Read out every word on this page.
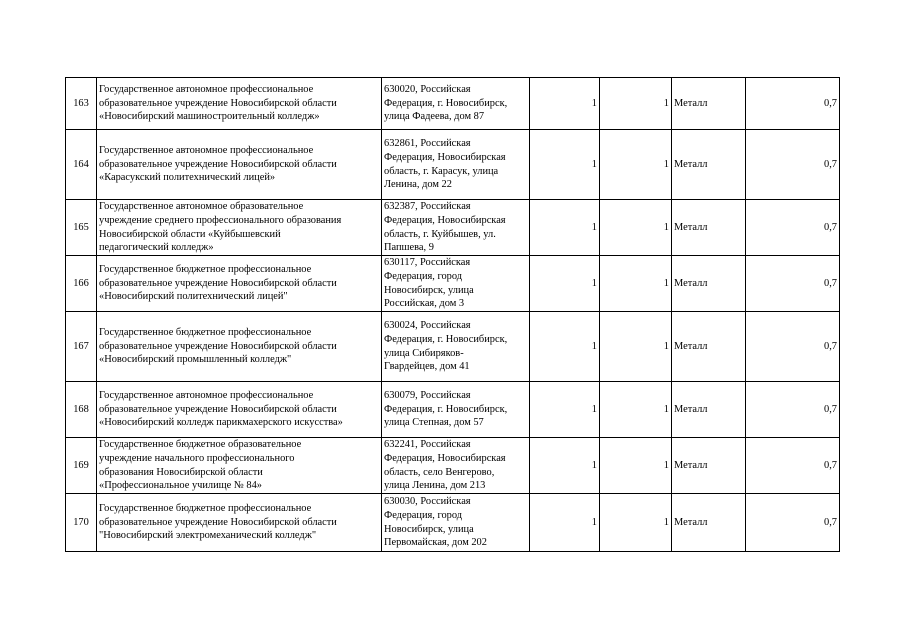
163	Государственное автономное профессиональное
образовательное учреждение Новосибирской области
«Новосибирский машиностроительный колледж»	630020, Российская
Федерация, г. Новосибирск,
улица Фадеева, дом 87	1	1	Металл	0,7
164	Государственное автономное профессиональное
образовательное учреждение Новосибирской области
«Карасукский политехнический лицей»	632861, Российская
Федерация, Новосибирская
область, г. Карасук, улица
Ленина, дом 22	1	1	Металл	0,7
165	Государственное автономное образовательное
учреждение среднего профессионального образования
Новосибирской области «Куйбышевский
педагогический колледж»	632387, Российская
Федерация, Новосибирская
область, г. Куйбышев, ул.
Папшева, 9	1	1	Металл	0,7
166	Государственное бюджетное профессиональное
образовательное учреждение Новосибирской области
«Новосибирский политехнический лицей"	630117, Российская
Федерация, город
Новосибирск, улица
Российская, дом 3	1	1	Металл	0,7
167	Государственное бюджетное профессиональное
образовательное учреждение Новосибирской области
«Новосибирский промышленный колледж"	630024, Российская
Федерация, г. Новосибирск,
улица Сибиряков-
Гвардейцев, дом 41	1	1	Металл	0,7
168	Государственное автономное профессиональное
образовательное учреждение Новосибирской области
«Новосибирский колледж парикмахерского искусства»	630079, Российская
Федерация, г. Новосибирск,
улица Степная, дом 57	1	1	Металл	0,7
169	Государственное бюджетное образовательное
учреждение начального профессионального
образования Новосибирской области
«Профессиональное училище № 84»	632241, Российская
Федерация, Новосибирская
область, село Венгерово,
улица Ленина, дом 213	1	1	Металл	0,7
170	Государственное бюджетное профессиональное
образовательное учреждение Новосибирской области
"Новосибирский электромеханический колледж"	630030, Российская
Федерация, город
Новосибирск, улица
Первомайская, дом 202	1	1	Металл	0,7
